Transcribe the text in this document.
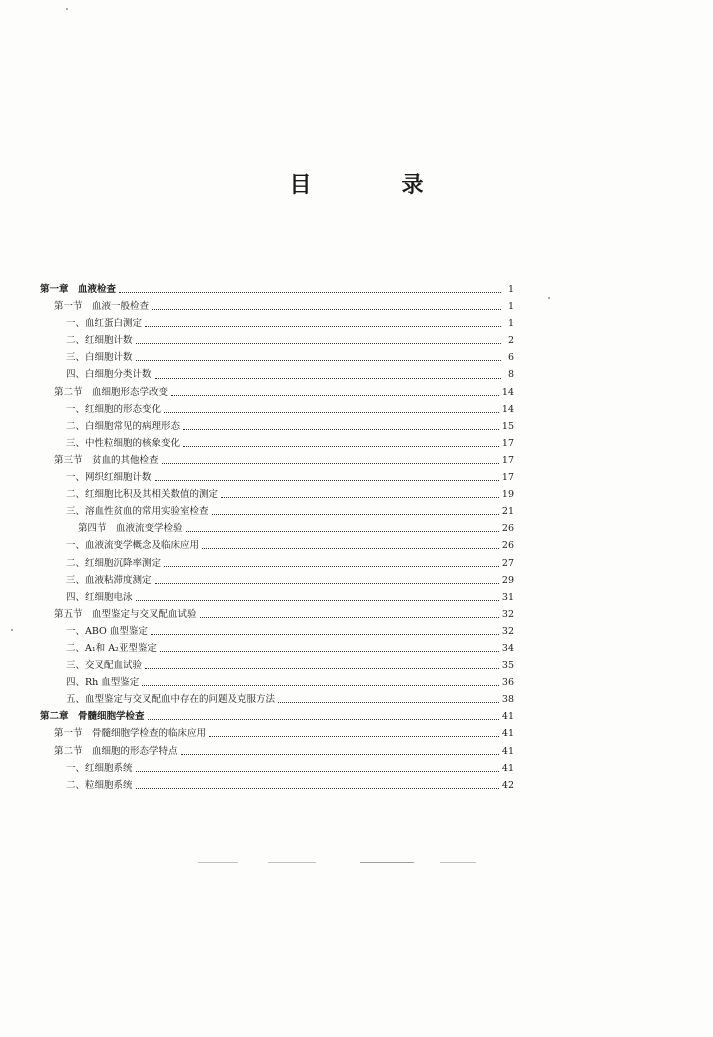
目　录
第一章　血液检查	1
第一节　血液一般检查	1
一、血红蛋白测定	1
二、红细胞计数	2
三、白细胞计数	6
四、白细胞分类计数	8
第二节　血细胞形态学改变	14
一、红细胞的形态变化	14
二、白细胞常见的病理形态	15
三、中性粒细胞的核象变化	17
第三节　贫血的其他检查	17
一、网织红细胞计数	17
二、红细胞比积及其相关数值的测定	19
三、溶血性贫血的常用实验室检查	21
第四节　血液流变学检验	26
一、血液流变学概念及临床应用	26
二、红细胞沉降率测定	27
三、血液粘滞度测定	29
四、红细胞电泳	31
第五节　血型鉴定与交叉配血试验	32
一、ABO 血型鉴定	32
二、A₁和 A₂亚型鉴定	34
三、交叉配血试验	35
四、Rh 血型鉴定	36
五、血型鉴定与交叉配血中存在的问题及克服方法	38
第二章　骨髓细胞学检查	41
第一节　骨髓细胞学检查的临床应用	41
第二节　血细胞的形态学特点	41
一、红细胞系统	41
二、粒细胞系统	42
